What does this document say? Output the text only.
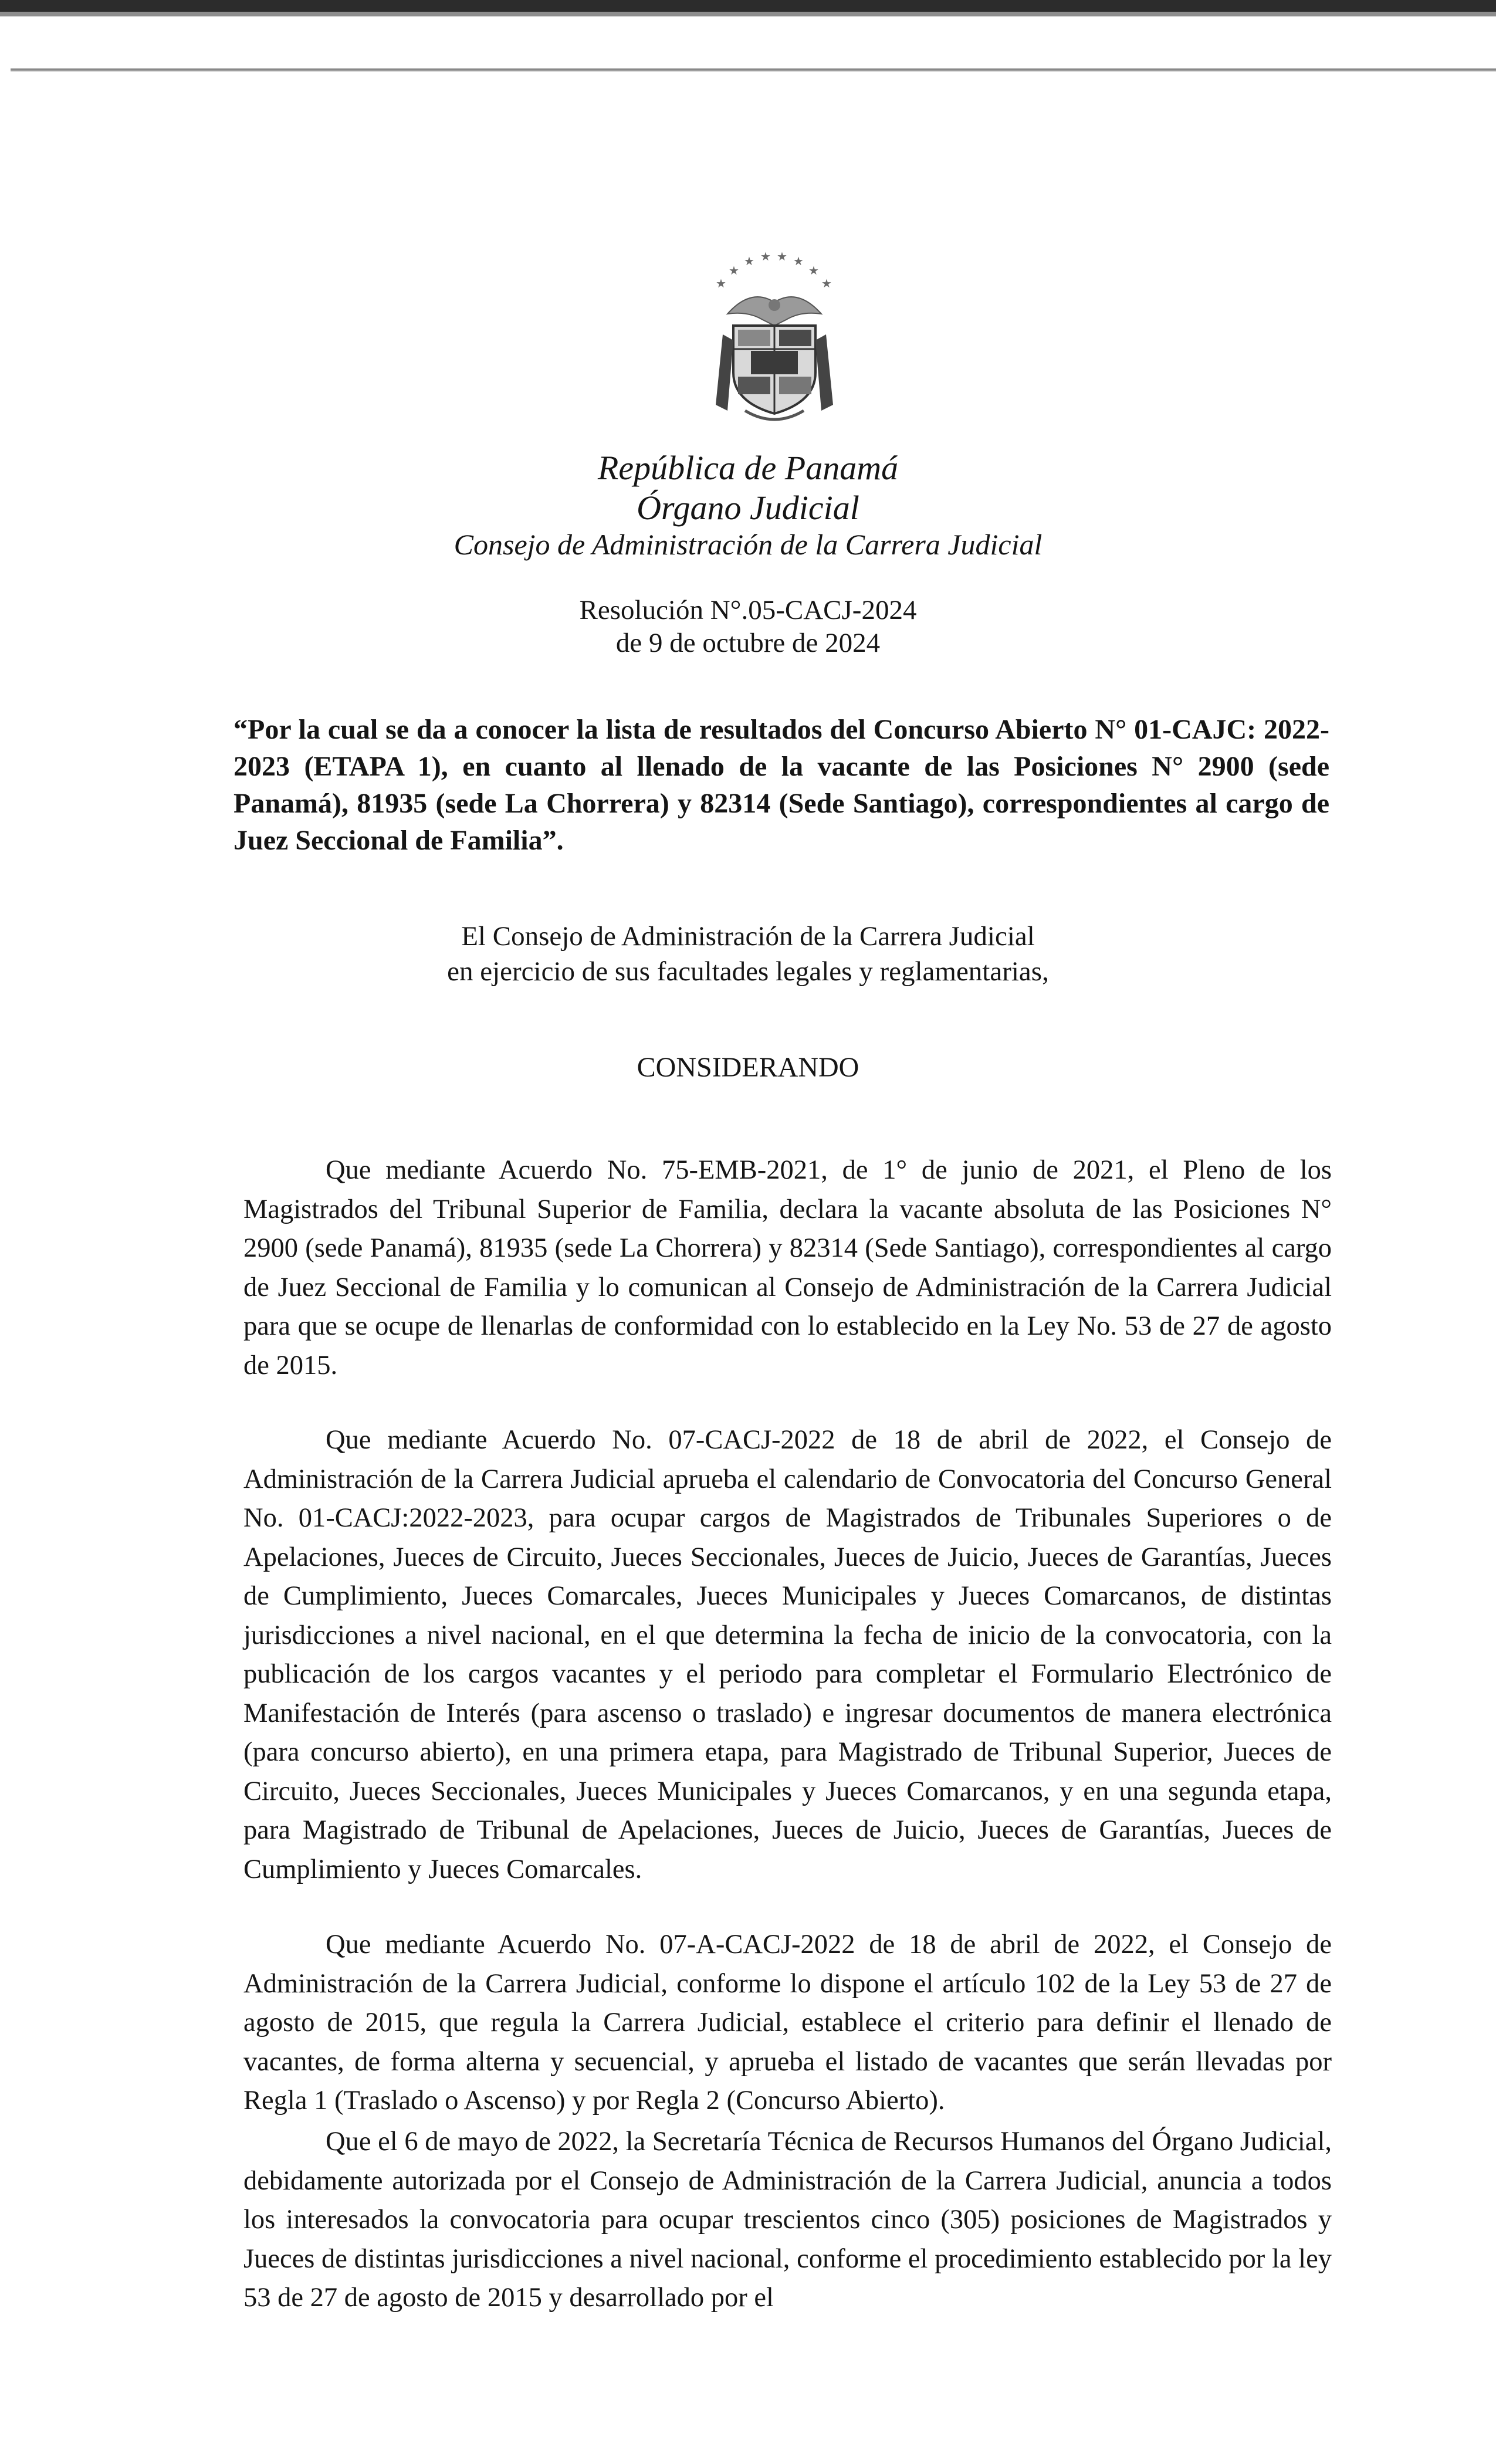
★
★
★ ★ ★ ★
★
★
República de Panamá
Órgano Judicial
Consejo de Administración de la Carrera Judicial
Resolución N°.05-CACJ-2024
de 9 de octubre de 2024
“Por la cual se da a conocer la lista de resultados del Concurso Abierto N° 01-CAJC: 2022-2023 (ETAPA 1), en cuanto al llenado de la vacante de las Posiciones N° 2900 (sede Panamá), 81935 (sede La Chorrera) y 82314 (Sede Santiago), correspondientes al cargo de Juez Seccional de Familia”.
El Consejo de Administración de la Carrera Judicial
en ejercicio de sus facultades legales y reglamentarias,
CONSIDERANDO
Que mediante Acuerdo No. 75-EMB-2021, de 1° de junio de 2021, el Pleno de los Magistrados del Tribunal Superior de Familia, declara la vacante absoluta de las Posiciones N° 2900 (sede Panamá), 81935 (sede La Chorrera) y 82314 (Sede Santiago), correspondientes al cargo de Juez Seccional de Familia y lo comunican al Consejo de Administración de la Carrera Judicial para que se ocupe de llenarlas de conformidad con lo establecido en la Ley No. 53 de 27 de agosto de 2015.
Que mediante Acuerdo No. 07-CACJ-2022 de 18 de abril de 2022, el Consejo de Administración de la Carrera Judicial aprueba el calendario de Convocatoria del Concurso General No. 01-CACJ:2022-2023, para ocupar cargos de Magistrados de Tribunales Superiores o de Apelaciones, Jueces de Circuito, Jueces Seccionales, Jueces de Juicio, Jueces de Garantías, Jueces de Cumplimiento, Jueces Comarcales, Jueces Municipales y Jueces Comarcanos, de distintas jurisdicciones a nivel nacional, en el que determina la fecha de inicio de la convocatoria, con la publicación de los cargos vacantes y el periodo para completar el Formulario Electrónico de Manifestación de Interés (para ascenso o traslado) e ingresar documentos de manera electrónica (para concurso abierto), en una primera etapa, para Magistrado de Tribunal Superior, Jueces de Circuito, Jueces Seccionales, Jueces Municipales y Jueces Comarcanos, y en una segunda etapa, para Magistrado de Tribunal de Apelaciones, Jueces de Juicio, Jueces de Garantías, Jueces de Cumplimiento y Jueces Comarcales.
Que mediante Acuerdo No. 07-A-CACJ-2022 de 18 de abril de 2022, el Consejo de Administración de la Carrera Judicial, conforme lo dispone el artículo 102 de la Ley 53 de 27 de agosto de 2015, que regula la Carrera Judicial, establece el criterio para definir el llenado de vacantes, de forma alterna y secuencial, y aprueba el listado de vacantes que serán llevadas por Regla 1 (Traslado o Ascenso) y por Regla 2 (Concurso Abierto).
Que el 6 de mayo de 2022, la Secretaría Técnica de Recursos Humanos del Órgano Judicial, debidamente autorizada por el Consejo de Administración de la Carrera Judicial, anuncia a todos los interesados la convocatoria para ocupar trescientos cinco (305) posiciones de Magistrados y Jueces de distintas jurisdicciones a nivel nacional, conforme el procedimiento establecido por la ley 53 de 27 de agosto de 2015 y desarrollado por el
